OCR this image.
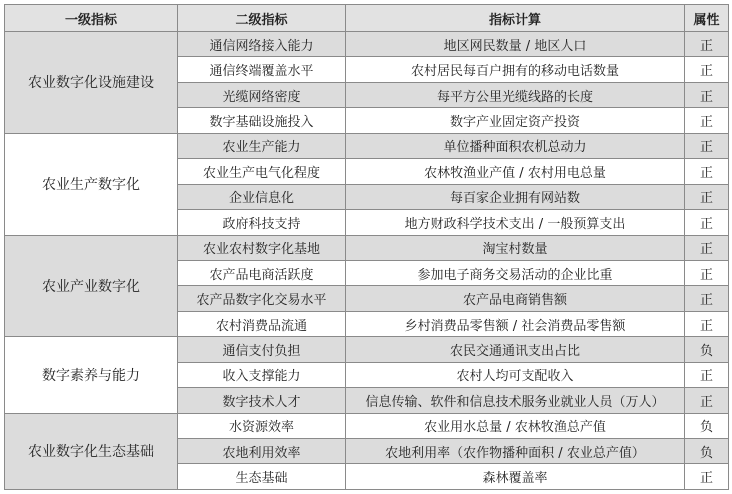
一级指标	二级指标	指标计算	属性
农业数字化设施建设	通信网络接入能力	地区网民数量 / 地区人口	正
	通信终端覆盖水平	农村居民每百户拥有的移动电话数量	正
	光缆网络密度	每平方公里光缆线路的长度	正
	数字基础设施投入	数字产业固定资产投资	正
农业生产数字化	农业生产能力	单位播种面积农机总动力	正
	农业生产电气化程度	农林牧渔业产值 / 农村用电总量	正
	企业信息化	每百家企业拥有网站数	正
	政府科技支持	地方财政科学技术支出 / 一般预算支出	正
农业产业数字化	农业农村数字化基地	淘宝村数量	正
	农产品电商活跃度	参加电子商务交易活动的企业比重	正
	农产品数字化交易水平	农产品电商销售额	正
	农村消费品流通	乡村消费品零售额 / 社会消费品零售额	正
数字素养与能力	通信支付负担	农民交通通讯支出占比	负
	收入支撑能力	农村人均可支配收入	正
	数字技术人才	信息传输、软件和信息技术服务业就业人员（万人）	正
农业数字化生态基础	水资源效率	农业用水总量 / 农林牧渔总产值	负
	农地利用效率	农地利用率（农作物播种面积 / 农业总产值）	负
	生态基础	森林覆盖率	正
